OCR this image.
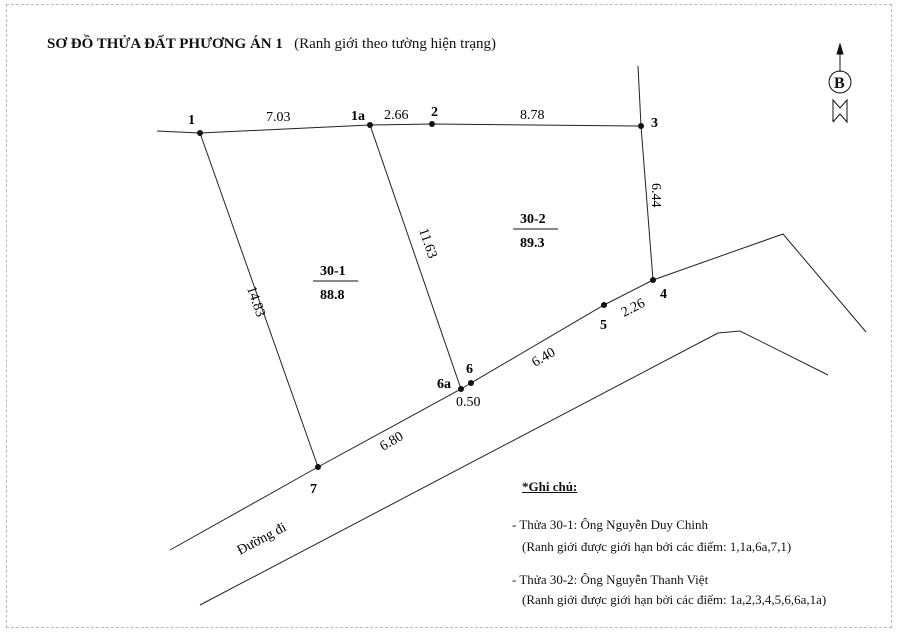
SƠ ĐỒ THỬA ĐẤT PHƯƠNG ÁN 1 (Ranh giới theo tường hiện trạng)
1	1a	2
3
4
5
6
6a
7
7.03	2.66	8.78
6.44
2.26
6.40
0.50
6.80
14.83
11.63
30-1
88.8
30-2
89.3
Đường đi
B
*Ghi chú:
- Thửa 30-1: Ông Nguyễn Duy Chinh
(Ranh giới được giới hạn bởi các điểm: 1,1a,6a,7,1)
- Thửa 30-2: Ông Nguyễn Thanh Việt
(Ranh giới được giới hạn bởi các điểm: 1a,2,3,4,5,6,6a,1a)
